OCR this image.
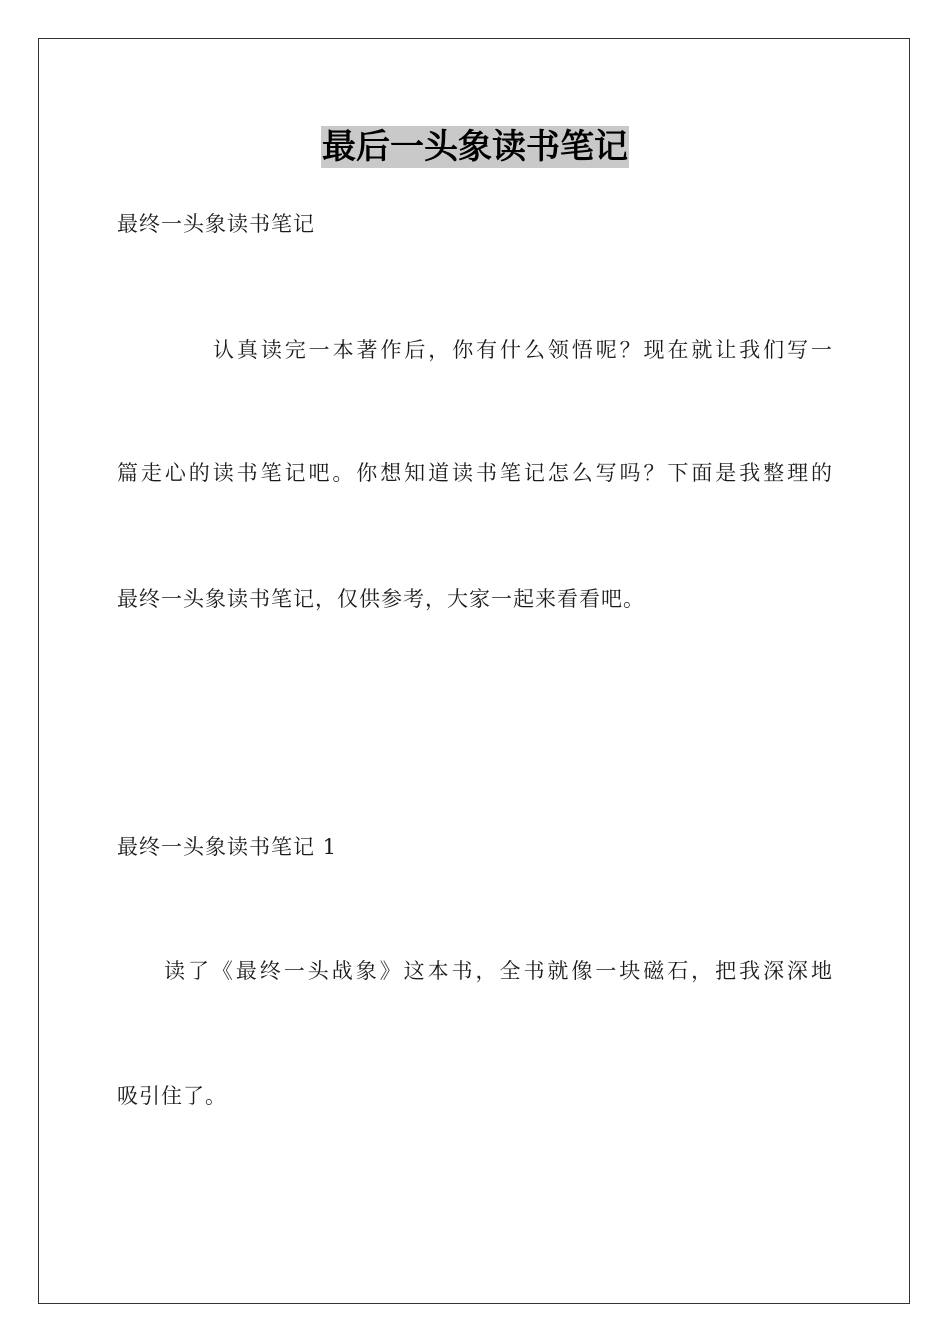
最后一头象读书笔记
最终一头象读书笔记
认真读完一本著作后，你有什么领悟呢？现在就让我们写一
篇走心的读书笔记吧。你想知道读书笔记怎么写吗？下面是我整理的
最终一头象读书笔记，仅供参考，大家一起来看看吧。
最终一头象读书笔记 1
读了《最终一头战象》这本书，全书就像一块磁石，把我深深地
吸引住了。
